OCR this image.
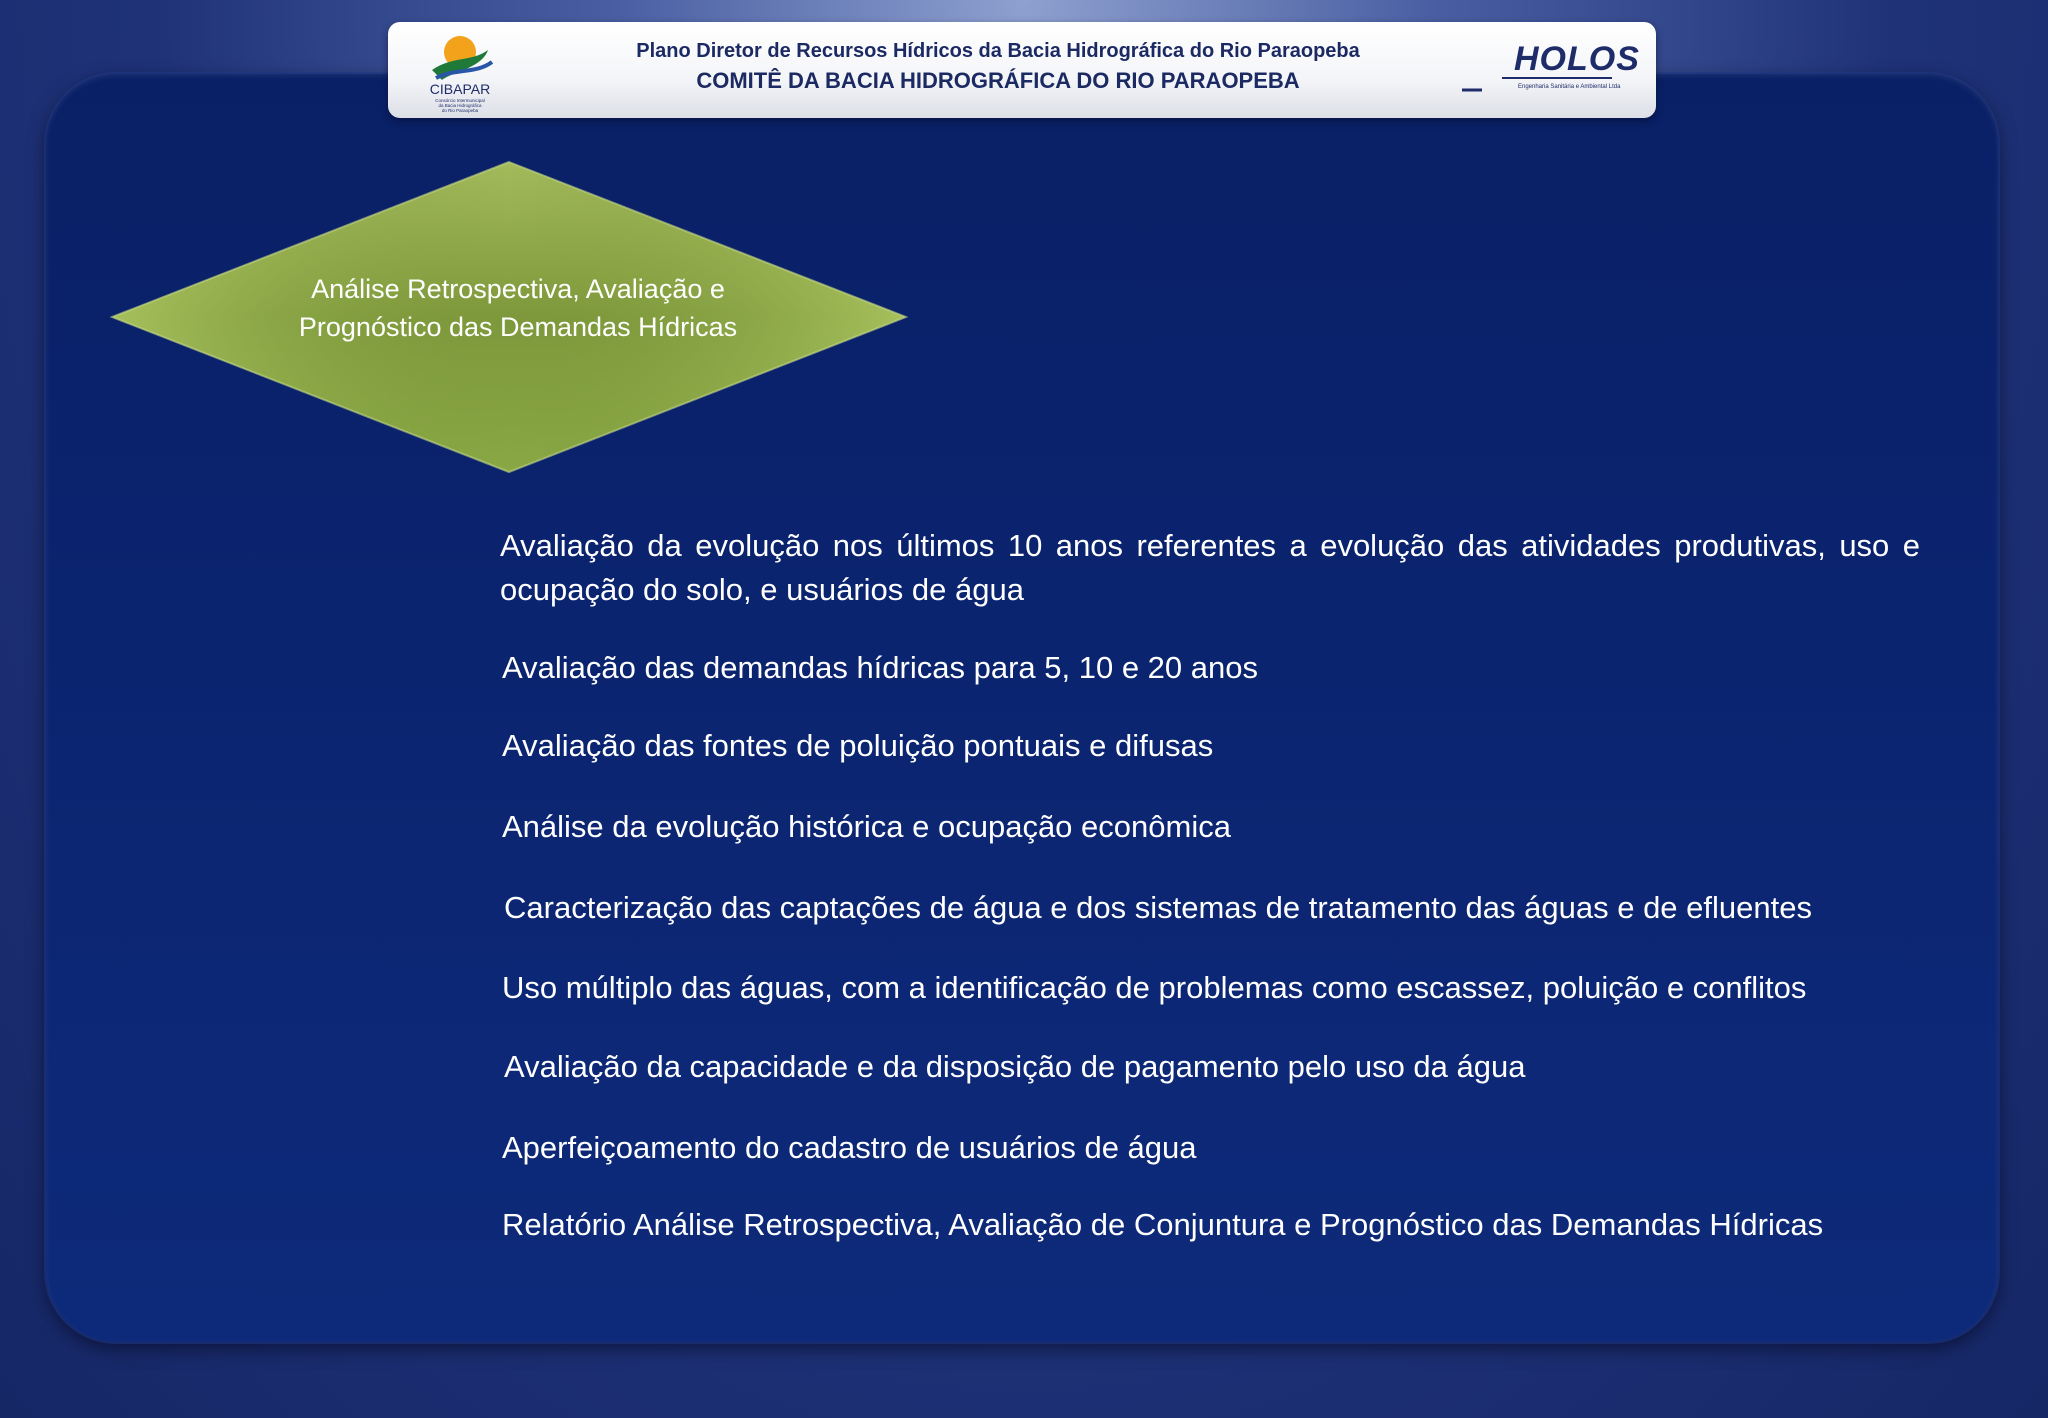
CIBAPAR
Consórcio Intermunicipal
da Bacia Hidrográfica
do Rio Paraopeba
Plano Diretor de Recursos Hídricos da Bacia Hidrográfica do Rio Paraopeba
COMITÊ DA BACIA HIDROGRÁFICA DO RIO PARAOPEBA
HOLOS
Engenharia Sanitária e Ambiental Ltda
Análise Retrospectiva, Avaliação e Prognóstico das Demandas Hídricas
Avaliação da evolução nos últimos 10 anos referentes a evolução das atividades produtivas, uso e ocupação do solo, e usuários de água
Avaliação das demandas hídricas para 5, 10 e 20 anos
Avaliação das fontes de poluição pontuais e difusas
Análise da evolução histórica e ocupação econômica
Caracterização das captações de água e dos sistemas de tratamento das águas e de efluentes
Uso múltiplo das águas, com a identificação de problemas como escassez, poluição e conflitos
Avaliação da capacidade e da disposição de pagamento pelo uso da água
Aperfeiçoamento do cadastro de usuários de água
Relatório Análise Retrospectiva, Avaliação de Conjuntura e Prognóstico das Demandas Hídricas
